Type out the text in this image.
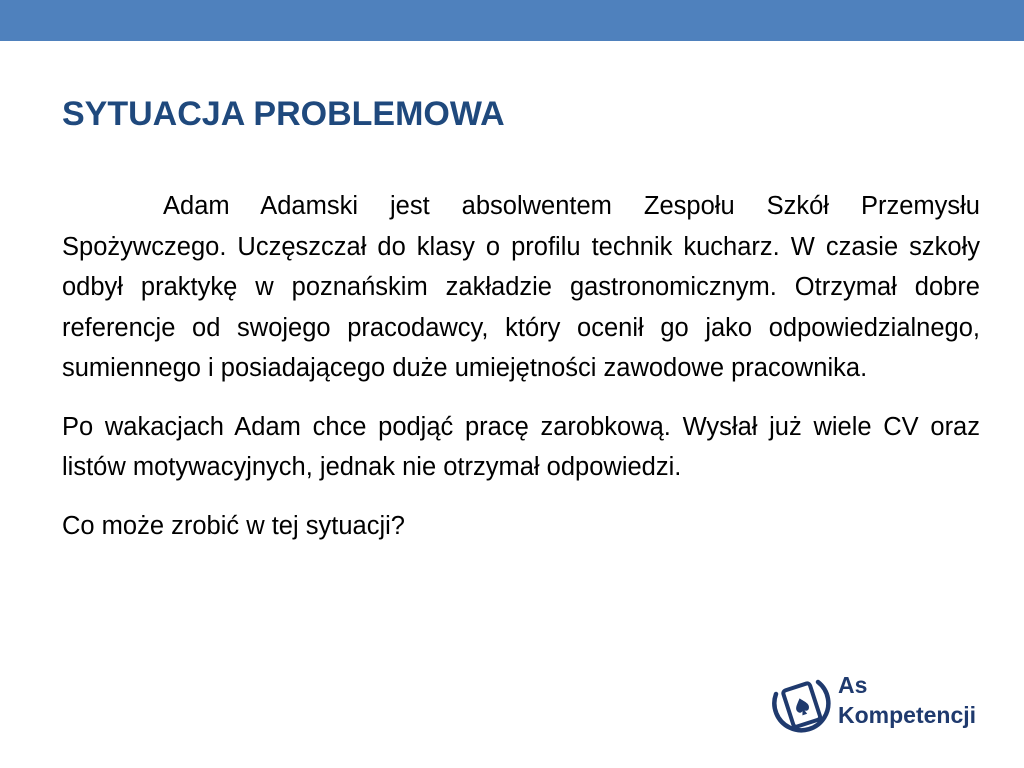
SYTUACJA PROBLEMOWA

Adam Adamski jest absolwentem Zespołu Szkół Przemysłu Spożywczego. Uczęszczał do klasy o profilu technik kucharz. W czasie szkoły odbył praktykę w poznańskim zakładzie gastronomicznym. Otrzymał dobre referencje od swojego pracodawcy, który ocenił go jako odpowiedzialnego, sumiennego i posiadającego duże umiejętności zawodowe pracownika.

Po wakacjach Adam chce podjąć pracę zarobkową. Wysłał już wiele CV oraz listów motywacyjnych, jednak nie otrzymał odpowiedzi.

Co może zrobić w tej sytuacji?

As
Kompetencji
